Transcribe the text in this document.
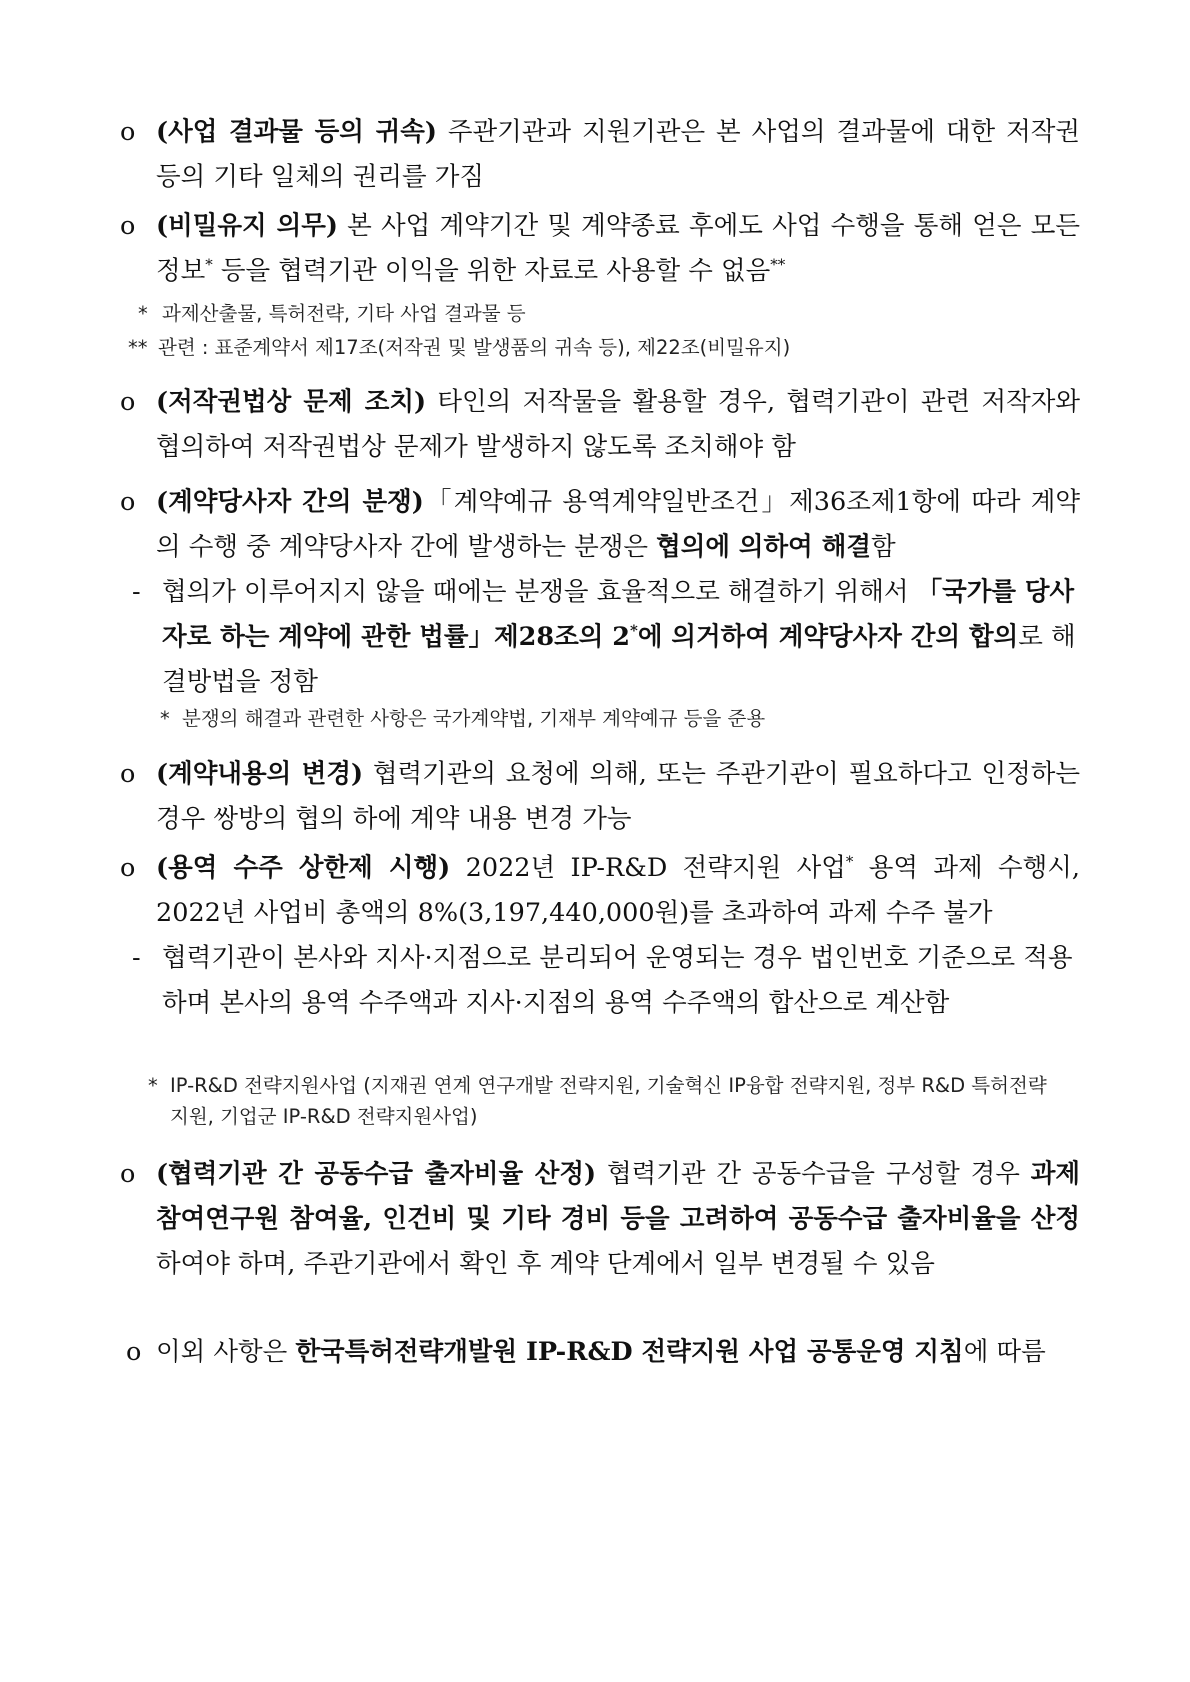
o (사업 결과물 등의 귀속) 주관기관과 지원기관은 본 사업의 결과물에 대한 저작권 등의 기타 일체의 권리를 가짐
o (비밀유지 의무) 본 사업 계약기간 및 계약종료 후에도 사업 수행을 통해 얻은 모든 정보* 등을 협력기관 이익을 위한 자료로 사용할 수 없음**
* 과제산출물, 특허전략, 기타 사업 결과물 등
** 관련 : 표준계약서 제17조(저작권 및 발생품의 귀속 등), 제22조(비밀유지)
o (저작권법상 문제 조치) 타인의 저작물을 활용할 경우, 협력기관이 관련 저작자와 협의하여 저작권법상 문제가 발생하지 않도록 조치해야 함
o (계약당사자 간의 분쟁)「계약예규 용역계약일반조건」제36조제1항에 따라 계약의 수행 중 계약당사자 간에 발생하는 분쟁은 협의에 의하여 해결함
- 협의가 이루어지지 않을 때에는 분쟁을 효율적으로 해결하기 위해서 「국가를 당사자로 하는 계약에 관한 법률」제28조의 2*에 의거하여 계약당사자 간의 합의로 해결방법을 정함
* 분쟁의 해결과 관련한 사항은 국가계약법, 기재부 계약예규 등을 준용
o (계약내용의 변경) 협력기관의 요청에 의해, 또는 주관기관이 필요하다고 인정하는 경우 쌍방의 협의 하에 계약 내용 변경 가능
o (용역 수주 상한제 시행) 2022년 IP-R&D 전략지원 사업* 용역 과제 수행시, 2022년 사업비 총액의 8%(3,197,440,000원)를 초과하여 과제 수주 불가
- 협력기관이 본사와 지사·지점으로 분리되어 운영되는 경우 법인번호 기준으로 적용하며 본사의 용역 수주액과 지사·지점의 용역 수주액의 합산으로 계산함
* IP-R&D 전략지원사업 (지재권 연계 연구개발 전략지원, 기술혁신 IP융합 전략지원, 정부 R&D 특허전략 지원, 기업군 IP-R&D 전략지원사업)
o (협력기관 간 공동수급 출자비율 산정) 협력기관 간 공동수급을 구성할 경우 과제 참여연구원 참여율, 인건비 및 기타 경비 등을 고려하여 공동수급 출자비율을 산정하여야 하며, 주관기관에서 확인 후 계약 단계에서 일부 변경될 수 있음
o 이외 사항은 한국특허전략개발원 IP-R&D 전략지원 사업 공통운영 지침에 따름
